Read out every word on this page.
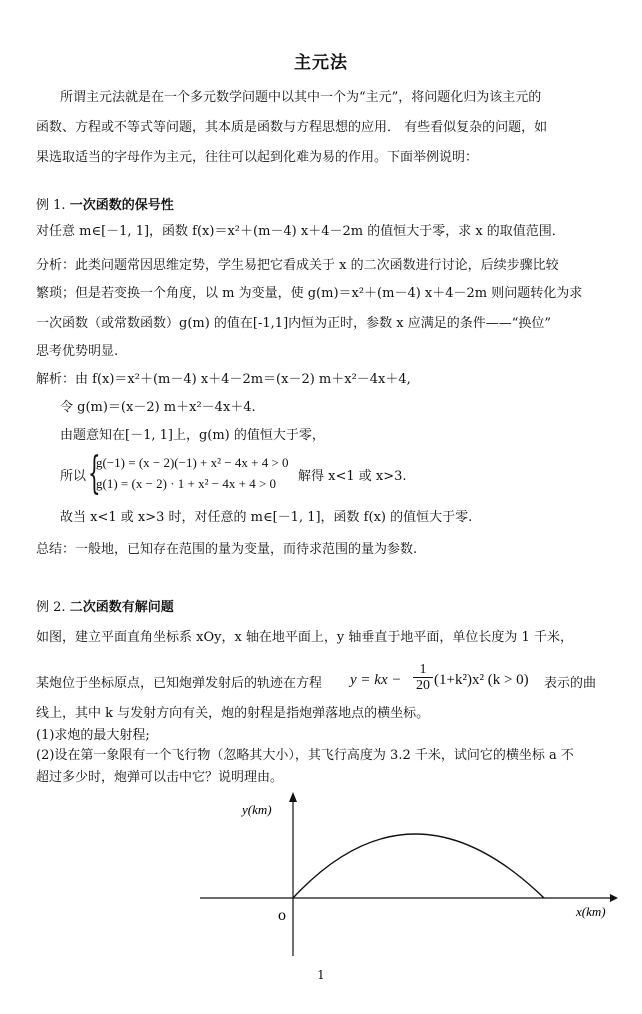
主元法
所谓主元法就是在一个多元数学问题中以其中一个为“主元”，将问题化归为该主元的
函数、方程或不等式等问题，其本质是函数与方程思想的应用． 有些看似复杂的问题，如
果选取适当的字母作为主元，往往可以起到化难为易的作用。下面举例说明：
例 1. 一次函数的保号性
对任意 m∈[－1, 1]，函数 f(x)＝x²＋(m－4) x＋4－2m 的值恒大于零，求 x 的取值范围．
分析：此类问题常因思维定势，学生易把它看成关于 x 的二次函数进行讨论，后续步骤比较
繁琐；但是若变换一个角度，以 m 为变量，使 g(m)＝x²＋(m－4) x＋4－2m 则问题转化为求
一次函数（或常数函数）g(m) 的值在[-1,1]内恒为正时，参数 x 应满足的条件——“换位”
思考优势明显.
解析：由 f(x)＝x²＋(m－4) x＋4－2m＝(x－2) m＋x²－4x＋4,
令 g(m)＝(x－2) m＋x²－4x＋4.
由题意知在[－1, 1]上，g(m) 的值恒大于零，
所以 {
g(−1) = (x − 2)(−1) + x² − 4x + 4 > 0
g(1) = (x − 2) · 1 + x² − 4x + 4 > 0 解得 x<1 或 x>3.
故当 x<1 或 x>3 时，对任意的 m∈[－1, 1]，函数 f(x) 的值恒大于零.
总结：一般地，已知存在范围的量为变量，而待求范围的量为参数.
例 2. 二次函数有解问题
如图，建立平面直角坐标系 xOy，x 轴在地平面上，y 轴垂直于地平面，单位长度为 1 千米，
某炮位于坐标原点，已知炮弹发射后的轨迹在方程 y = kx − $\frac{1}{20} (1+k^2)x^2$ (k > 0) 表示的曲
线上，其中 k 与发射方向有关，炮的射程是指炮弹落地点的横坐标。
(1)求炮的最大射程;
(2)设在第一象限有一个飞行物（忽略其大小），其飞行高度为 3.2 千米，试问它的横坐标 a 不
超过多少时，炮弹可以击中它？说明理由。
y(km)
x(km)
o
1
